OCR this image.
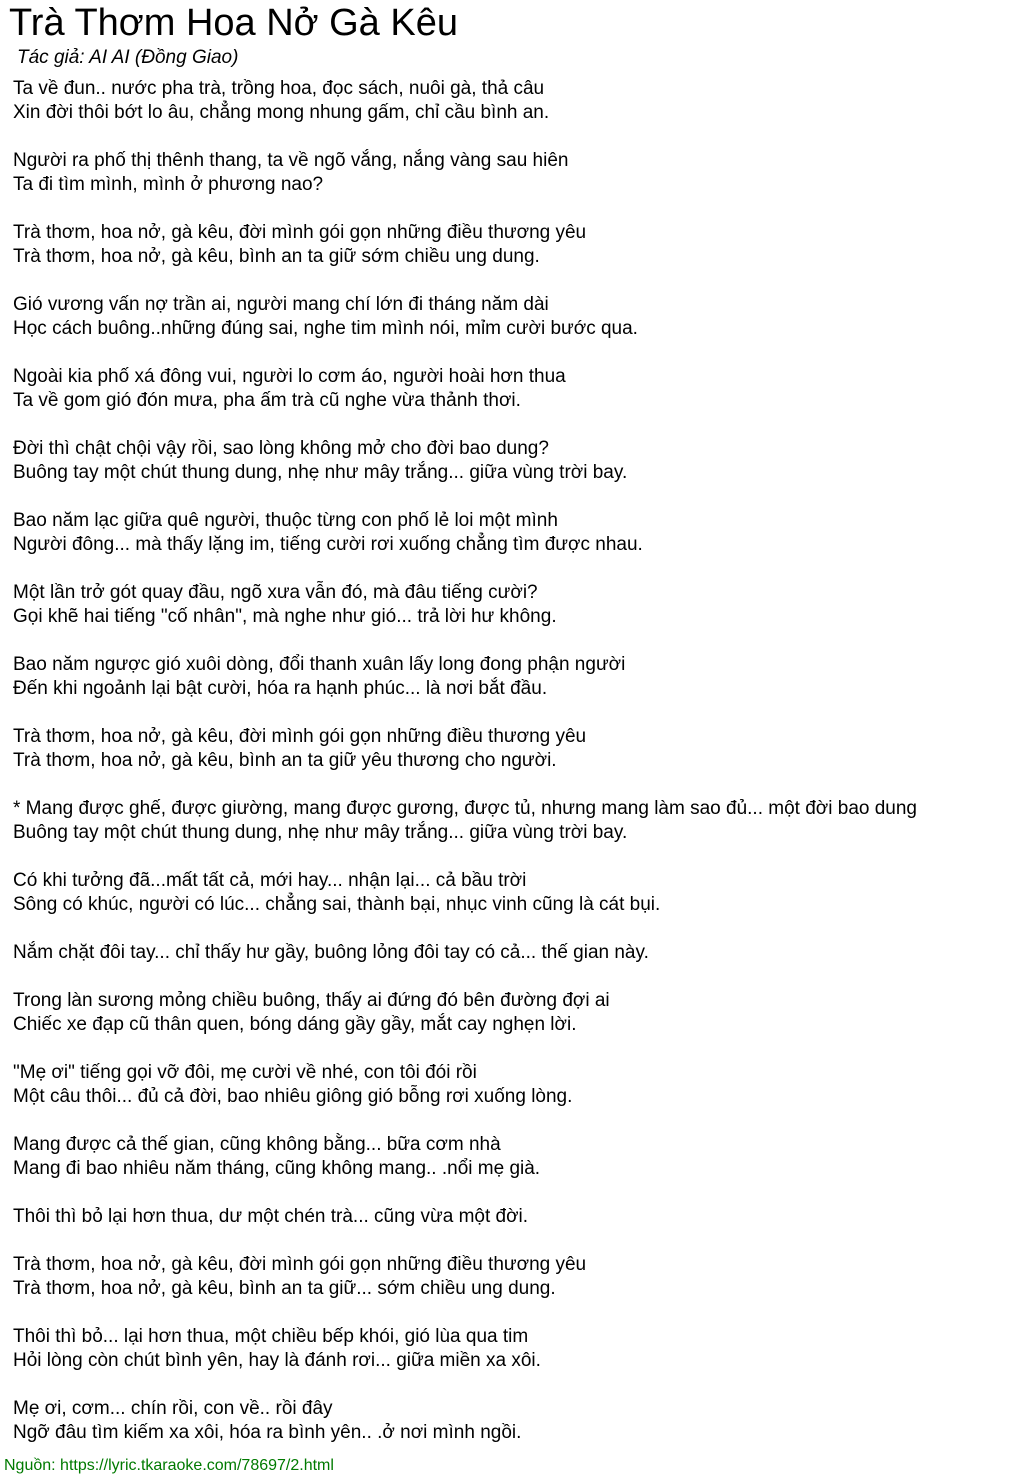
Trà Thơm Hoa Nở Gà Kêu
Tác giả: AI AI (Đồng Giao)
Ta về đun.. nước pha trà, trồng hoa, đọc sách, nuôi gà, thả câu
Xin đời thôi bớt lo âu, chẳng mong nhung gấm, chỉ cầu bình an.
Người ra phố thị thênh thang, ta về ngõ vắng, nắng vàng sau hiên
Ta đi tìm mình, mình ở phương nao?
Trà thơm, hoa nở, gà kêu, đời mình gói gọn những điều thương yêu
Trà thơm, hoa nở, gà kêu, bình an ta giữ sớm chiều ung dung.
Gió vương vấn nợ trần ai, người mang chí lớn đi tháng năm dài
Học cách buông..những đúng sai, nghe tim mình nói, mỉm cười bước qua.
Ngoài kia phố xá đông vui, người lo cơm áo, người hoài hơn thua
Ta về gom gió đón mưa, pha ấm trà cũ nghe vừa thảnh thơi.
Đời thì chật chội vậy rồi, sao lòng không mở cho đời bao dung?
Buông tay một chút thung dung, nhẹ như mây trắng... giữa vùng trời bay.
Bao năm lạc giữa quê người, thuộc từng con phố lẻ loi một mình
Người đông... mà thấy lặng im, tiếng cười rơi xuống chẳng tìm được nhau.
Một lần trở gót quay đầu, ngõ xưa vẫn đó, mà đâu tiếng cười?
Gọi khẽ hai tiếng "cố nhân", mà nghe như gió... trả lời hư không.
Bao năm ngược gió xuôi dòng, đổi thanh xuân lấy long đong phận người
Đến khi ngoảnh lại bật cười, hóa ra hạnh phúc... là nơi bắt đầu.
Trà thơm, hoa nở, gà kêu, đời mình gói gọn những điều thương yêu
Trà thơm, hoa nở, gà kêu, bình an ta giữ yêu thương cho người.
* Mang được ghế, được giường, mang được gương, được tủ, nhưng mang làm sao đủ... một đời bao dung
Buông tay một chút thung dung, nhẹ như mây trắng... giữa vùng trời bay.
Có khi tưởng đã...mất tất cả, mới hay... nhận lại... cả bầu trời
Sông có khúc, người có lúc... chẳng sai, thành bại, nhục vinh cũng là cát bụi.
Nắm chặt đôi tay... chỉ thấy hư gầy, buông lỏng đôi tay có cả... thế gian này.
Trong làn sương mỏng chiều buông, thấy ai đứng đó bên đường đợi ai
Chiếc xe đạp cũ thân quen, bóng dáng gầy gầy, mắt cay nghẹn lời.
"Mẹ ơi" tiếng gọi vỡ đôi, mẹ cười về nhé, con tôi đói rồi
Một câu thôi... đủ cả đời, bao nhiêu giông gió bỗng rơi xuống lòng.
Mang được cả thế gian, cũng không bằng... bữa cơm nhà
Mang đi bao nhiêu năm tháng, cũng không mang.. .nổi mẹ già.
Thôi thì bỏ lại hơn thua, dư một chén trà... cũng vừa một đời.
Trà thơm, hoa nở, gà kêu, đời mình gói gọn những điều thương yêu
Trà thơm, hoa nở, gà kêu, bình an ta giữ... sớm chiều ung dung.
Thôi thì bỏ... lại hơn thua, một chiều bếp khói, gió lùa qua tim
Hỏi lòng còn chút bình yên, hay là đánh rơi... giữa miền xa xôi.
Mẹ ơi, cơm... chín rồi, con về.. rồi đây
Ngỡ đâu tìm kiếm xa xôi, hóa ra bình yên.. .ở nơi mình ngồi.
Nguồn: https://lyric.tkaraoke.com/78697/2.html
